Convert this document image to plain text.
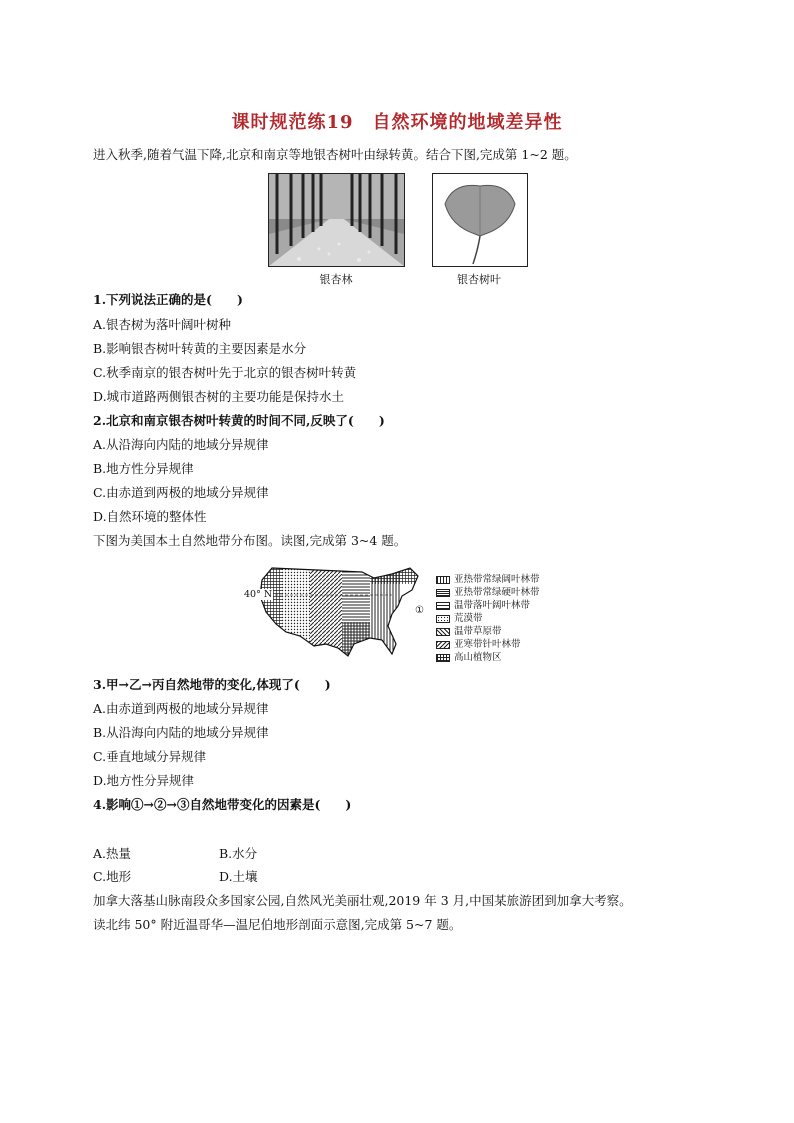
课时规范练19　自然环境的地域差异性
进入秋季,随着气温下降,北京和南京等地银杏树叶由绿转黄。结合下图,完成第 1~2 题。
银杏林	银杏树叶
1.下列说法正确的是(　　)
A.银杏树为落叶阔叶树种
B.影响银杏树叶转黄的主要因素是水分
C.秋季南京的银杏树叶先于北京的银杏树叶转黄
D.城市道路两侧银杏树的主要功能是保持水土
2.北京和南京银杏树叶转黄的时间不同,反映了(　　)
A.从沿海向内陆的地域分异规律
B.地方性分异规律
C.由赤道到两极的地域分异规律
D.自然环境的整体性
下图为美国本土自然地带分布图。读图,完成第 3~4 题。
40° N
①
亚热带常绿阔叶林带
亚热带常绿硬叶林带
温带落叶阔叶林带
荒漠带
温带草原带
亚寒带针叶林带
高山植物区
3.甲→乙→丙自然地带的变化,体现了(　　)
A.由赤道到两极的地域分异规律
B.从沿海向内陆的地域分异规律
C.垂直地域分异规律
D.地方性分异规律
4.影响①→②→③自然地带变化的因素是(　　)
A.热量	B.水分
C.地形	D.土壤
加拿大落基山脉南段众多国家公园,自然风光美丽壮观,2019 年 3 月,中国某旅游团到加拿大考察。
读北纬 50° 附近温哥华—温尼伯地形剖面示意图,完成第 5~7 题。
